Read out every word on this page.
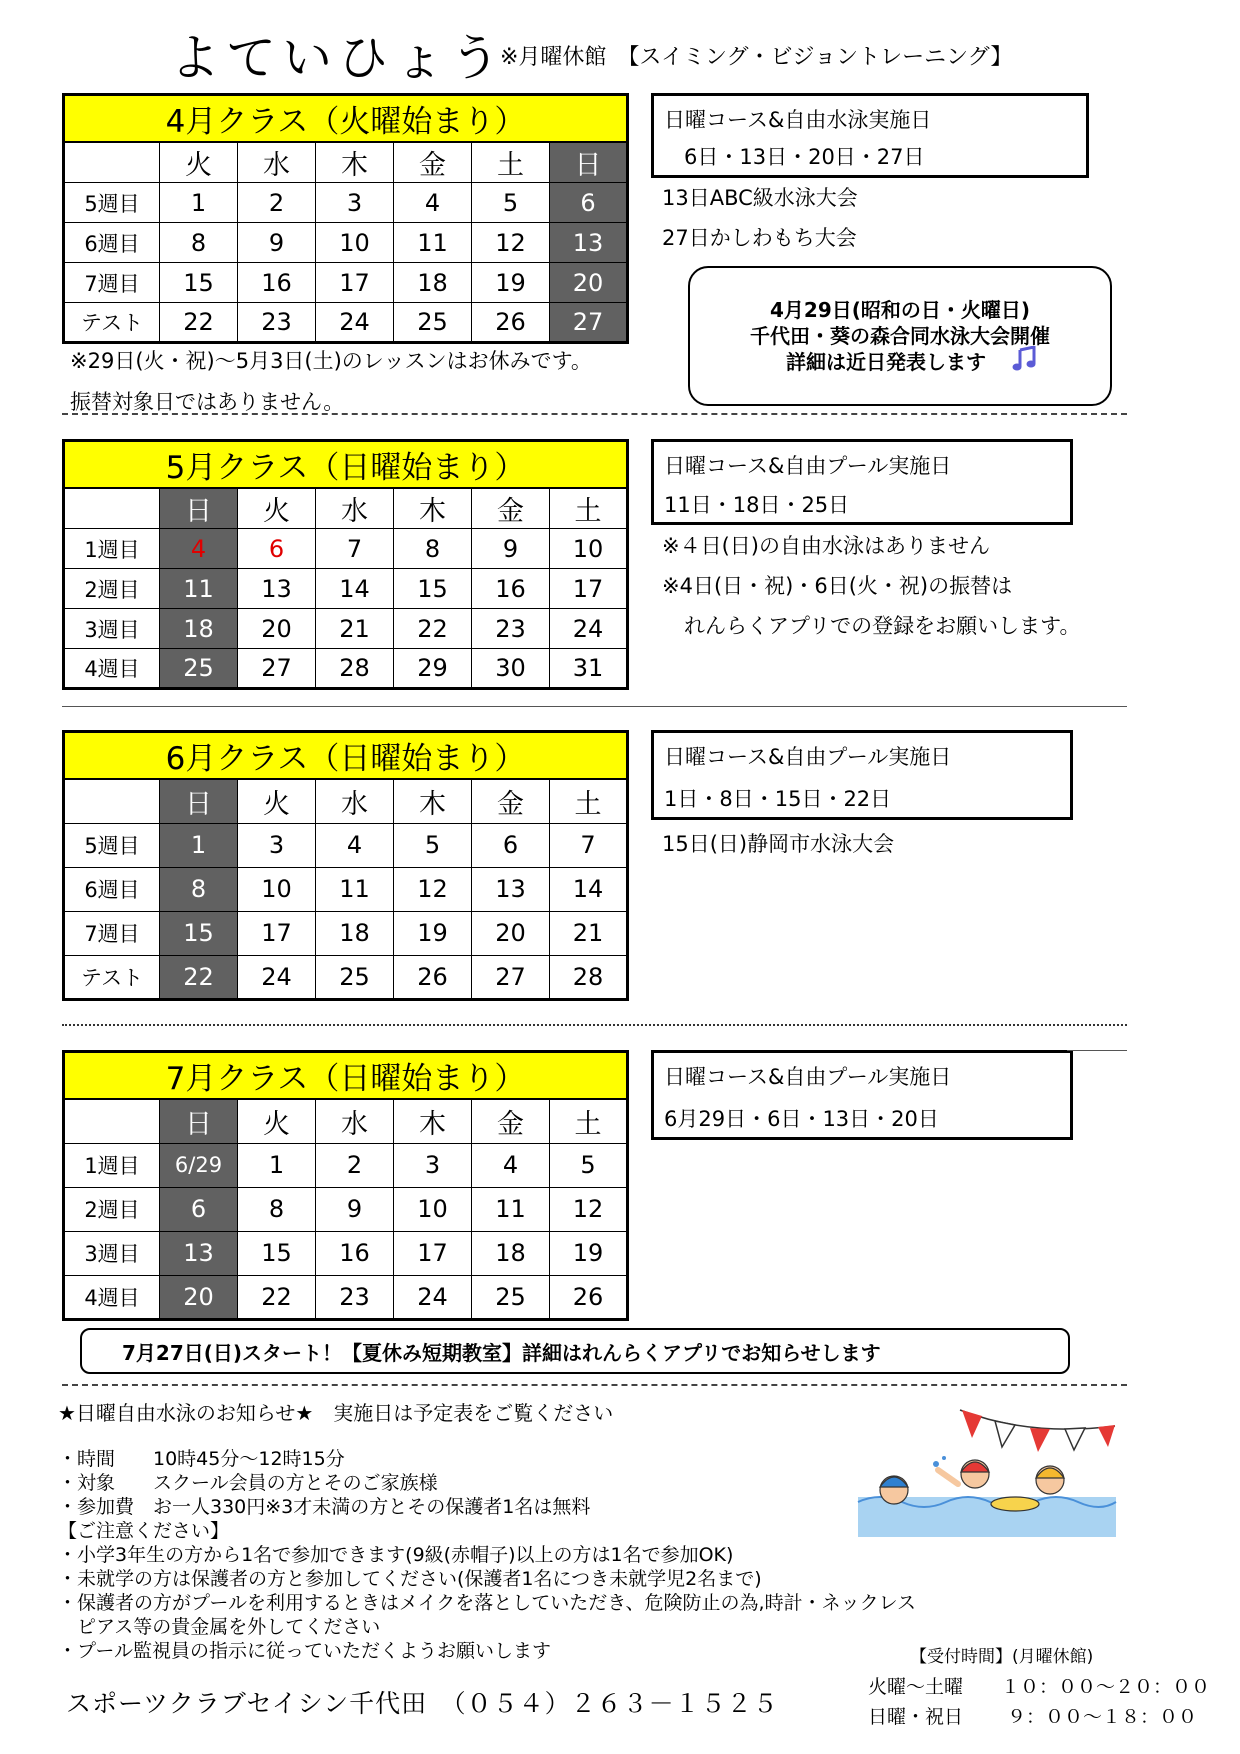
よていひょう
※月曜休館　【スイミング・ビジョントレーニング】
4月クラス（火曜始まり）						
	火	水	木	金	土	日
5週目	1	2	3	4	5	6
6週目	8	9	10	11	12	13
7週目	15	16	17	18	19	20
テスト	22	23	24	25	26	27
※29日(火・祝)～5月3日(土)のレッスンはお休みです。
振替対象日ではありません。
日曜コース&自由水泳実施日
6日・13日・20日・27日
13日ABC級水泳大会
27日かしわもち大会
4月29日(昭和の日・火曜日)
千代田・葵の森合同水泳大会開催
詳細は近日発表します
5月クラス（日曜始まり）						
	日	火	水	木	金	土
1週目	4	6	7	8	9	10
2週目	11	13	14	15	16	17
3週目	18	20	21	22	23	24
4週目	25	27	28	29	30	31
日曜コース&自由プール実施日
11日・18日・25日
※４日(日)の自由水泳はありません
※4日(日・祝)・6日(火・祝)の振替は
れんらくアプリでの登録をお願いします。
6月クラス（日曜始まり）						
	日	火	水	木	金	土
5週目	1	3	4	5	6	7
6週目	8	10	11	12	13	14
7週目	15	17	18	19	20	21
テスト	22	24	25	26	27	28
日曜コース&自由プール実施日
1日・8日・15日・22日
15日(日)静岡市水泳大会
7月クラス（日曜始まり）						
	日	火	水	木	金	土
1週目	6/29	1	2	3	4	5
2週目	6	8	9	10	11	12
3週目	13	15	16	17	18	19
4週目	20	22	23	24	25	26
日曜コース&自由プール実施日
6月29日・6日・13日・20日
7月27日(日)スタート！【夏休み短期教室】詳細はれんらくアプリでお知らせします
★日曜自由水泳のお知らせ★　実施日は予定表をご覧ください
・時間　　10時45分～12時15分
・対象　　スクール会員の方とそのご家族様
・参加費　お一人330円※3才未満の方とその保護者1名は無料
【ご注意ください】
・小学3年生の方から1名で参加できます(9級(赤帽子)以上の方は1名で参加OK)
・未就学の方は保護者の方と参加してください(保護者1名につき未就学児2名まで)
・保護者の方がプールを利用するときはメイクを落としていただき、危険防止の為,時計・ネックレス
　ピアス等の貴金属を外してください
・プール監視員の指示に従っていただくようお願いします
スポーツクラブセイシン千代田　（０５４）２６３－１５２５
【受付時間】(月曜休館)
火曜～土曜　　１０：００～２０：００
日曜・祝日　　 ９：００～１８：００
